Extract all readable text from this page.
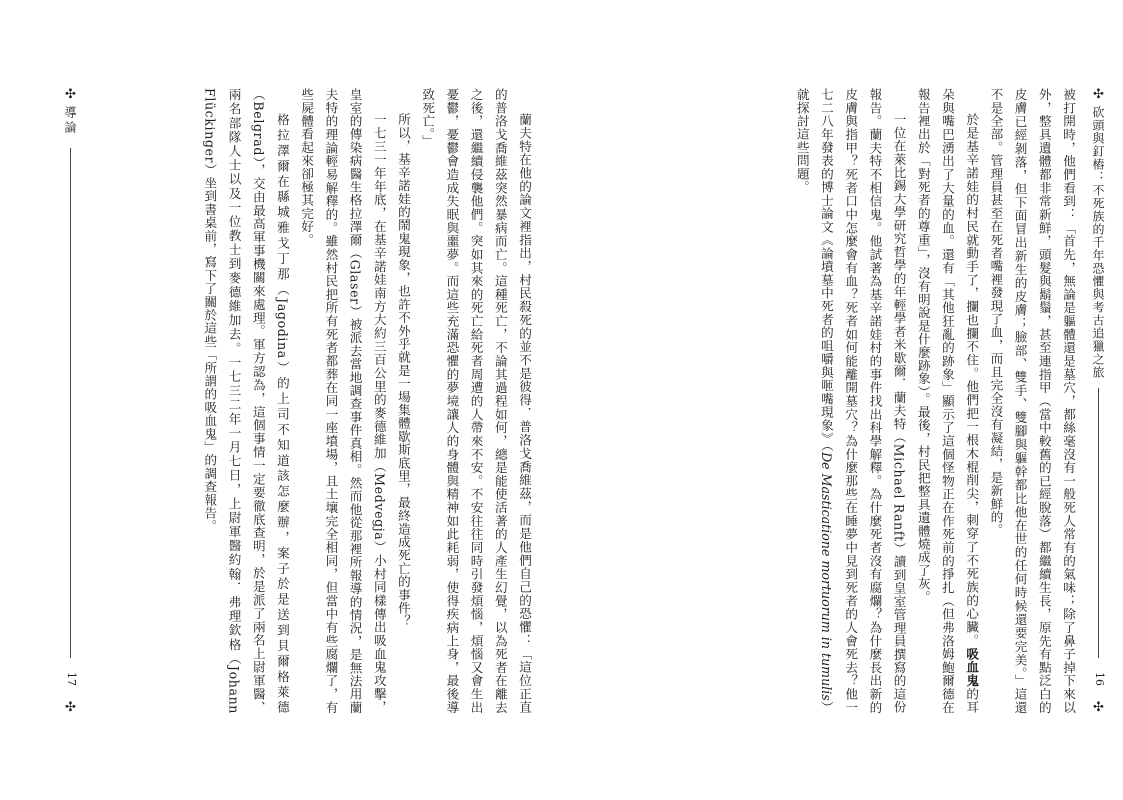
✣
砍頭與釘樁：不死族的千年恐懼與考古追獵之旅
16
✣

被打開時，他們看到：「首先，無論是軀體還是墓穴，都絲毫沒有一般死人常有的氣味；除了鼻子掉下來以外，整具遺體都非常新鮮，頭髮與鬍鬚，甚至連指甲（當中較舊的已經脫落）都繼續生長，原先有點泛白的皮膚已經剝落，但下面冒出新生的皮膚；臉部、雙手、雙腳與軀幹都比他在世的任何時候還要完美。」這還不是全部。管理員甚至在死者嘴裡發現了血，而且完全沒有凝結，是新鮮的。

於是基辛諾娃的村民就動手了，攔也攔不住。他們把一根木棍削尖，刺穿了不死族的心臟。吸血鬼的耳朵與嘴巴湧出了大量的血。還有「其他狂亂的跡象」顯示了這個怪物正在作死前的掙扎（但弗洛姆鮑爾德在報告裡出於「對死者的尊重」，沒有明說是什麼跡象）。最後，村民把整具遺體燒成了灰。

一位在萊比錫大學研究哲學的年輕學者米歇爾．蘭夫特（Michael Ranft）讀到皇室管理員撰寫的這份報告。蘭夫特不相信鬼。他試著為基辛諾娃村的事件找出科學解釋。為什麼死者沒有腐爛？為什麼長出新的皮膚與指甲？死者口中怎麼會有血？死者如何能離開墓穴？為什麼那些在睡夢中見到死者的人會死去？他一七二八年發表的博士論文《論墳墓中死者的咀嚼與咂嘴現象》（De Masticatione mortuorum in tumulis）就探討這些問題。

✣
導論
17
✣	蘭夫特在他的論文裡指出，村民殺死的並不是彼得．普洛戈喬維茲，而是他們自己的恐懼：「這位正直的普洛戈喬維茲突然暴病而亡。這種死亡，不論其過程如何，總是能使活著的人產生幻覺，以為死者在離去之後，還繼續侵襲他們。突如其來的死亡給死者周遭的人帶來不安。不安往往同時引發煩惱，煩惱又會生出憂鬱，憂鬱會造成失眠與噩夢。而這些充滿恐懼的夢境讓人的身體與精神如此耗弱，使得疾病上身，最後導致死亡。」

所以，基辛諾娃的鬧鬼現象，也許不外乎就是一場集體歇斯底里，最終造成死亡的事件？

一七三一年年底，在基辛諾娃南方大約三百公里的麥德維加（Medvegja）小村同樣傳出吸血鬼攻擊，皇室的傳染病醫生格拉澤爾（Glaser）被派去當地調查事件真相。然而他從那裡所報導的情況，是無法用蘭夫特的理論輕易解釋的。雖然村民把所有死者都葬在同一座墳場，且土壤完全相同，但當中有些腐爛了，有些屍體看起來卻極其完好。

格拉澤爾在縣城雅戈丁那（Jagodina）的上司不知道該怎麼辦，案子於是送到貝爾格萊德（Belgrad），交由最高軍事機關來處理。軍方認為，這個事情一定要徹底查明，於是派了兩名上尉軍醫、兩名部隊人士以及一位教士到麥德維加去。一七三二年一月七日，上尉軍醫約翰．弗理欽格（Johann Flückinger）坐到書桌前，寫下了關於這些「所謂的吸血鬼」的調查報告。
